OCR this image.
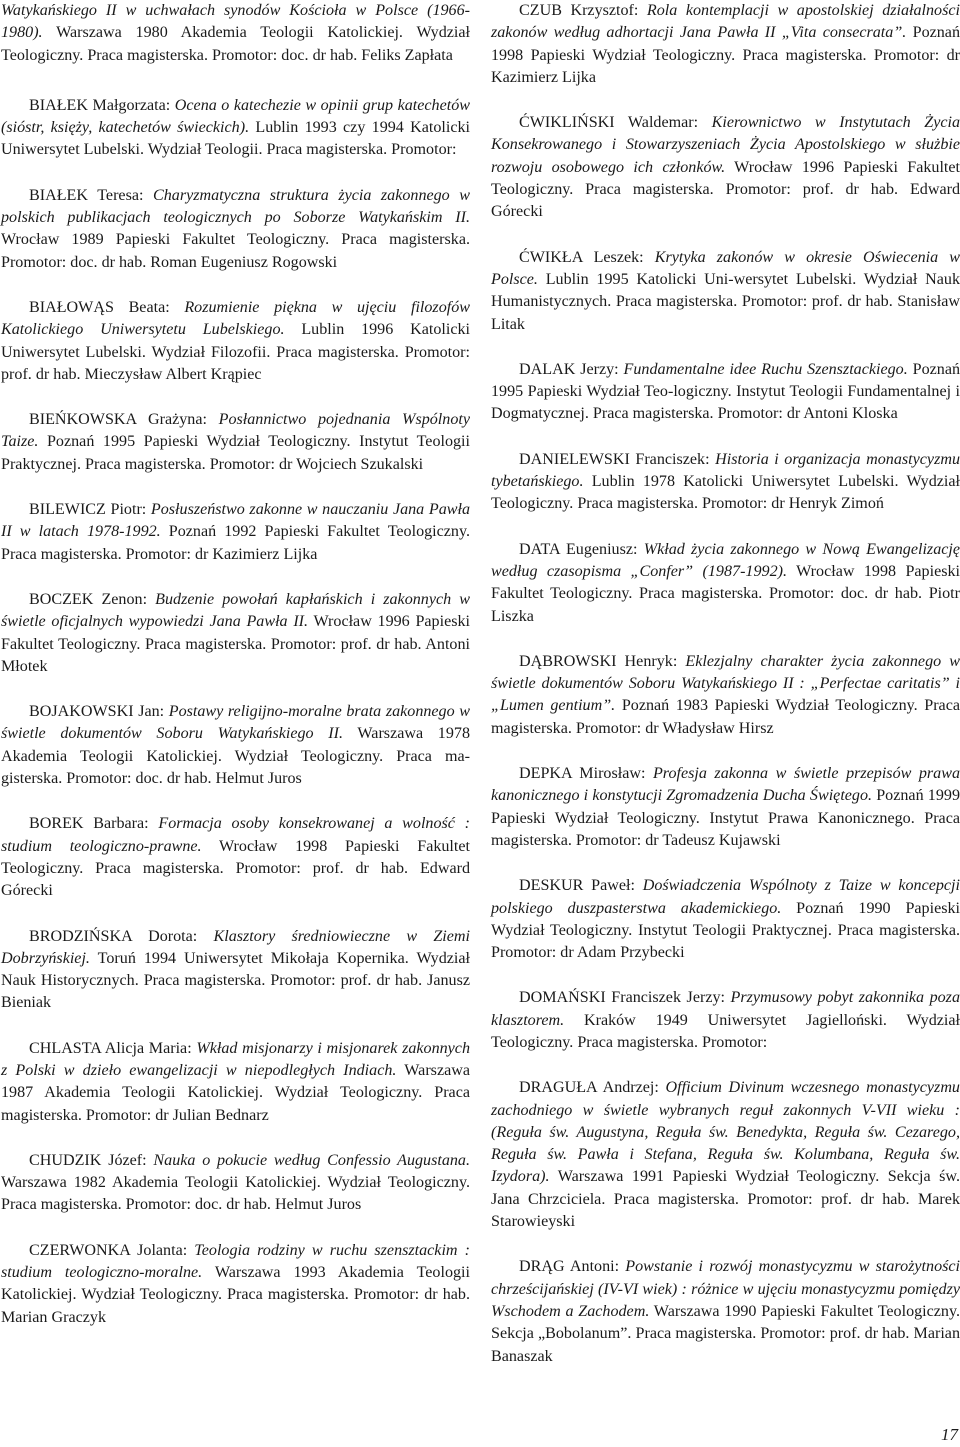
Watykańskiego II w uchwałach synodów Kościoła w Polsce (1966-1980). Warszawa 1980 Akademia Teologii Katolickiej. Wydział Teologiczny. Praca magisterska. Promotor: doc. dr hab. Feliks Zapłata

BIAŁEK Małgorzata: Ocena o katechezie w opinii grup katechetów (sióstr, księży, katechetów świeckich). Lublin 1993 czy 1994 Katolicki Uniwersytet Lubelski. Wydział Teologii. Praca magisterska. Promotor:

BIAŁEK Teresa: Charyzmatyczna struktura życia zakonnego w polskich publikacjach teologicznych po Soborze Watykańskim II. Wrocław 1989 Papieski Fakultet Teologiczny. Praca magisterska. Promotor: doc. dr hab. Roman Eugeniusz Rogowski

BIAŁOWĄS Beata: Rozumienie piękna w ujęciu filozofów Katolickiego Uniwersytetu Lubelskiego. Lublin 1996 Katolicki Uniwersytet Lubelski. Wydział Filozofii. Praca magisterska. Promotor: prof. dr hab. Mieczysław Albert Krąpiec

BIEŃKOWSKA Grażyna: Posłannictwo pojednania Wspólnoty Taize. Poznań 1995 Papieski Wydział Teologiczny. Instytut Teologii Praktycznej. Praca magisterska. Promotor: dr Wojciech Szukalski

BILEWICZ Piotr: Posłuszeństwo zakonne w nauczaniu Jana Pawła II w latach 1978-1992. Poznań 1992 Papieski Fakultet Teologiczny. Praca magisterska. Promotor: dr Kazimierz Lijka

BOCZEK Zenon: Budzenie powołań kapłańskich i zakonnych w świetle oficjalnych wypowiedzi Jana Pawła II. Wrocław 1996 Papieski Fakultet Teologiczny. Praca magisterska. Promotor: prof. dr hab. Antoni Młotek

BOJAKOWSKI Jan: Postawy religijno-moralne brata zakonnego w świetle dokumentów Soboru Watykańskiego II. Warszawa 1978 Akademia Teologii Katolickiej. Wydział Teologiczny. Praca ma-gisterska. Promotor: doc. dr hab. Helmut Juros

BOREK Barbara: Formacja osoby konsekrowanej a wolność : studium teologiczno-prawne. Wrocław 1998 Papieski Fakultet Teologiczny. Praca magisterska. Promotor: prof. dr hab. Edward Górecki

BRODZIŃSKA Dorota: Klasztory średniowieczne w Ziemi Dobrzyńskiej. Toruń 1994 Uniwersytet Mikołaja Kopernika. Wydział Nauk Historycznych. Praca magisterska. Promotor: prof. dr hab. Janusz Bieniak

CHLASTA Alicja Maria: Wkład misjonarzy i misjonarek zakonnych z Polski w dzieło ewangelizacji w niepodległych Indiach. Warszawa 1987 Akademia Teologii Katolickiej. Wydział Teologiczny. Praca magisterska. Promotor: dr Julian Bednarz

CHUDZIK Józef: Nauka o pokucie według Confessio Augustana. Warszawa 1982 Akademia Teologii Katolickiej. Wydział Teologiczny. Praca magisterska. Promotor: doc. dr hab. Helmut Juros

CZERWONKA Jolanta: Teologia rodziny w ruchu szensztackim : studium teologiczno-moralne. Warszawa 1993 Akademia Teologii Katolickiej. Wydział Teologiczny. Praca magisterska. Promotor: dr hab. Marian Graczyk

CZUB Krzysztof: Rola kontemplacji w apostolskiej działalności zakonów według adhortacji Jana Pawła II „Vita consecrata”. Poznań 1998 Papieski Wydział Teologiczny. Praca magisterska. Promotor: dr Kazimierz Lijka

ĆWIKLIŃSKI Waldemar: Kierownictwo w Instytutach Życia Konsekrowanego i Stowarzyszeniach Życia Apostolskiego w służbie rozwoju osobowego ich członków. Wrocław 1996 Papieski Fakultet Teologiczny. Praca magisterska. Promotor: prof. dr hab. Edward Górecki

ĆWIKŁA Leszek: Krytyka zakonów w okresie Oświecenia w Polsce. Lublin 1995 Katolicki Uni-wersytet Lubelski. Wydział Nauk Humanistycznych. Praca magisterska. Promotor: prof. dr hab. Stanisław Litak

DALAK Jerzy: Fundamentalne idee Ruchu Szensztackiego. Poznań 1995 Papieski Wydział Teo-logiczny. Instytut Teologii Fundamentalnej i Dogmatycznej. Praca magisterska. Promotor: dr Antoni Kloska

DANIELEWSKI Franciszek: Historia i organizacja monastycyzmu tybetańskiego. Lublin 1978 Katolicki Uniwersytet Lubelski. Wydział Teologiczny. Praca magisterska. Promotor: dr Henryk Zimoń

DATA Eugeniusz: Wkład życia zakonnego w Nową Ewangelizację według czasopisma „Confer” (1987-1992). Wrocław 1998 Papieski Fakultet Teologiczny. Praca magisterska. Promotor: doc. dr hab. Piotr Liszka

DĄBROWSKI Henryk: Eklezjalny charakter życia zakonnego w świetle dokumentów Soboru Watykańskiego II : „Perfectae caritatis” i „Lumen gentium”. Poznań 1983 Papieski Wydział Teologiczny. Praca magisterska. Promotor: dr Władysław Hirsz

DEPKA Mirosław: Profesja zakonna w świetle przepisów prawa kanonicznego i konstytucji Zgromadzenia Ducha Świętego. Poznań 1999 Papieski Wydział Teologiczny. Instytut Prawa Kanonicznego. Praca magisterska. Promotor: dr Tadeusz Kujawski

DESKUR Paweł: Doświadczenia Wspólnoty z Taize w koncepcji polskiego duszpasterstwa akademickiego. Poznań 1990 Papieski Wydział Teologiczny. Instytut Teologii Praktycznej. Praca magisterska. Promotor: dr Adam Przybecki

DOMAŃSKI Franciszek Jerzy: Przymusowy pobyt zakonnika poza klasztorem. Kraków 1949 Uniwersytet Jagielloński. Wydział Teologiczny. Praca magisterska. Promotor:

DRAGUŁA Andrzej: Officium Divinum wczesnego monastycyzmu zachodniego w świetle wybranych reguł zakonnych V-VII wieku : (Reguła św. Augustyna, Reguła św. Benedykta, Reguła św. Cezarego, Reguła św. Pawła i Stefana, Reguła św. Kolumbana, Reguła św. Izydora). Warszawa 1991 Papieski Wydział Teologiczny. Sekcja św. Jana Chrzciciela. Praca magisterska. Promotor: prof. dr hab. Marek Starowieyski

DRĄG Antoni: Powstanie i rozwój monastycyzmu w starożytności chrześcijańskiej (IV-VI wiek) : różnice w ujęciu monastycyzmu pomiędzy Wschodem a Zachodem. Warszawa 1990 Papieski Fakultet Teologiczny. Sekcja „Bobolanum”. Praca magisterska. Promotor: prof. dr hab. Marian Banaszak

17
